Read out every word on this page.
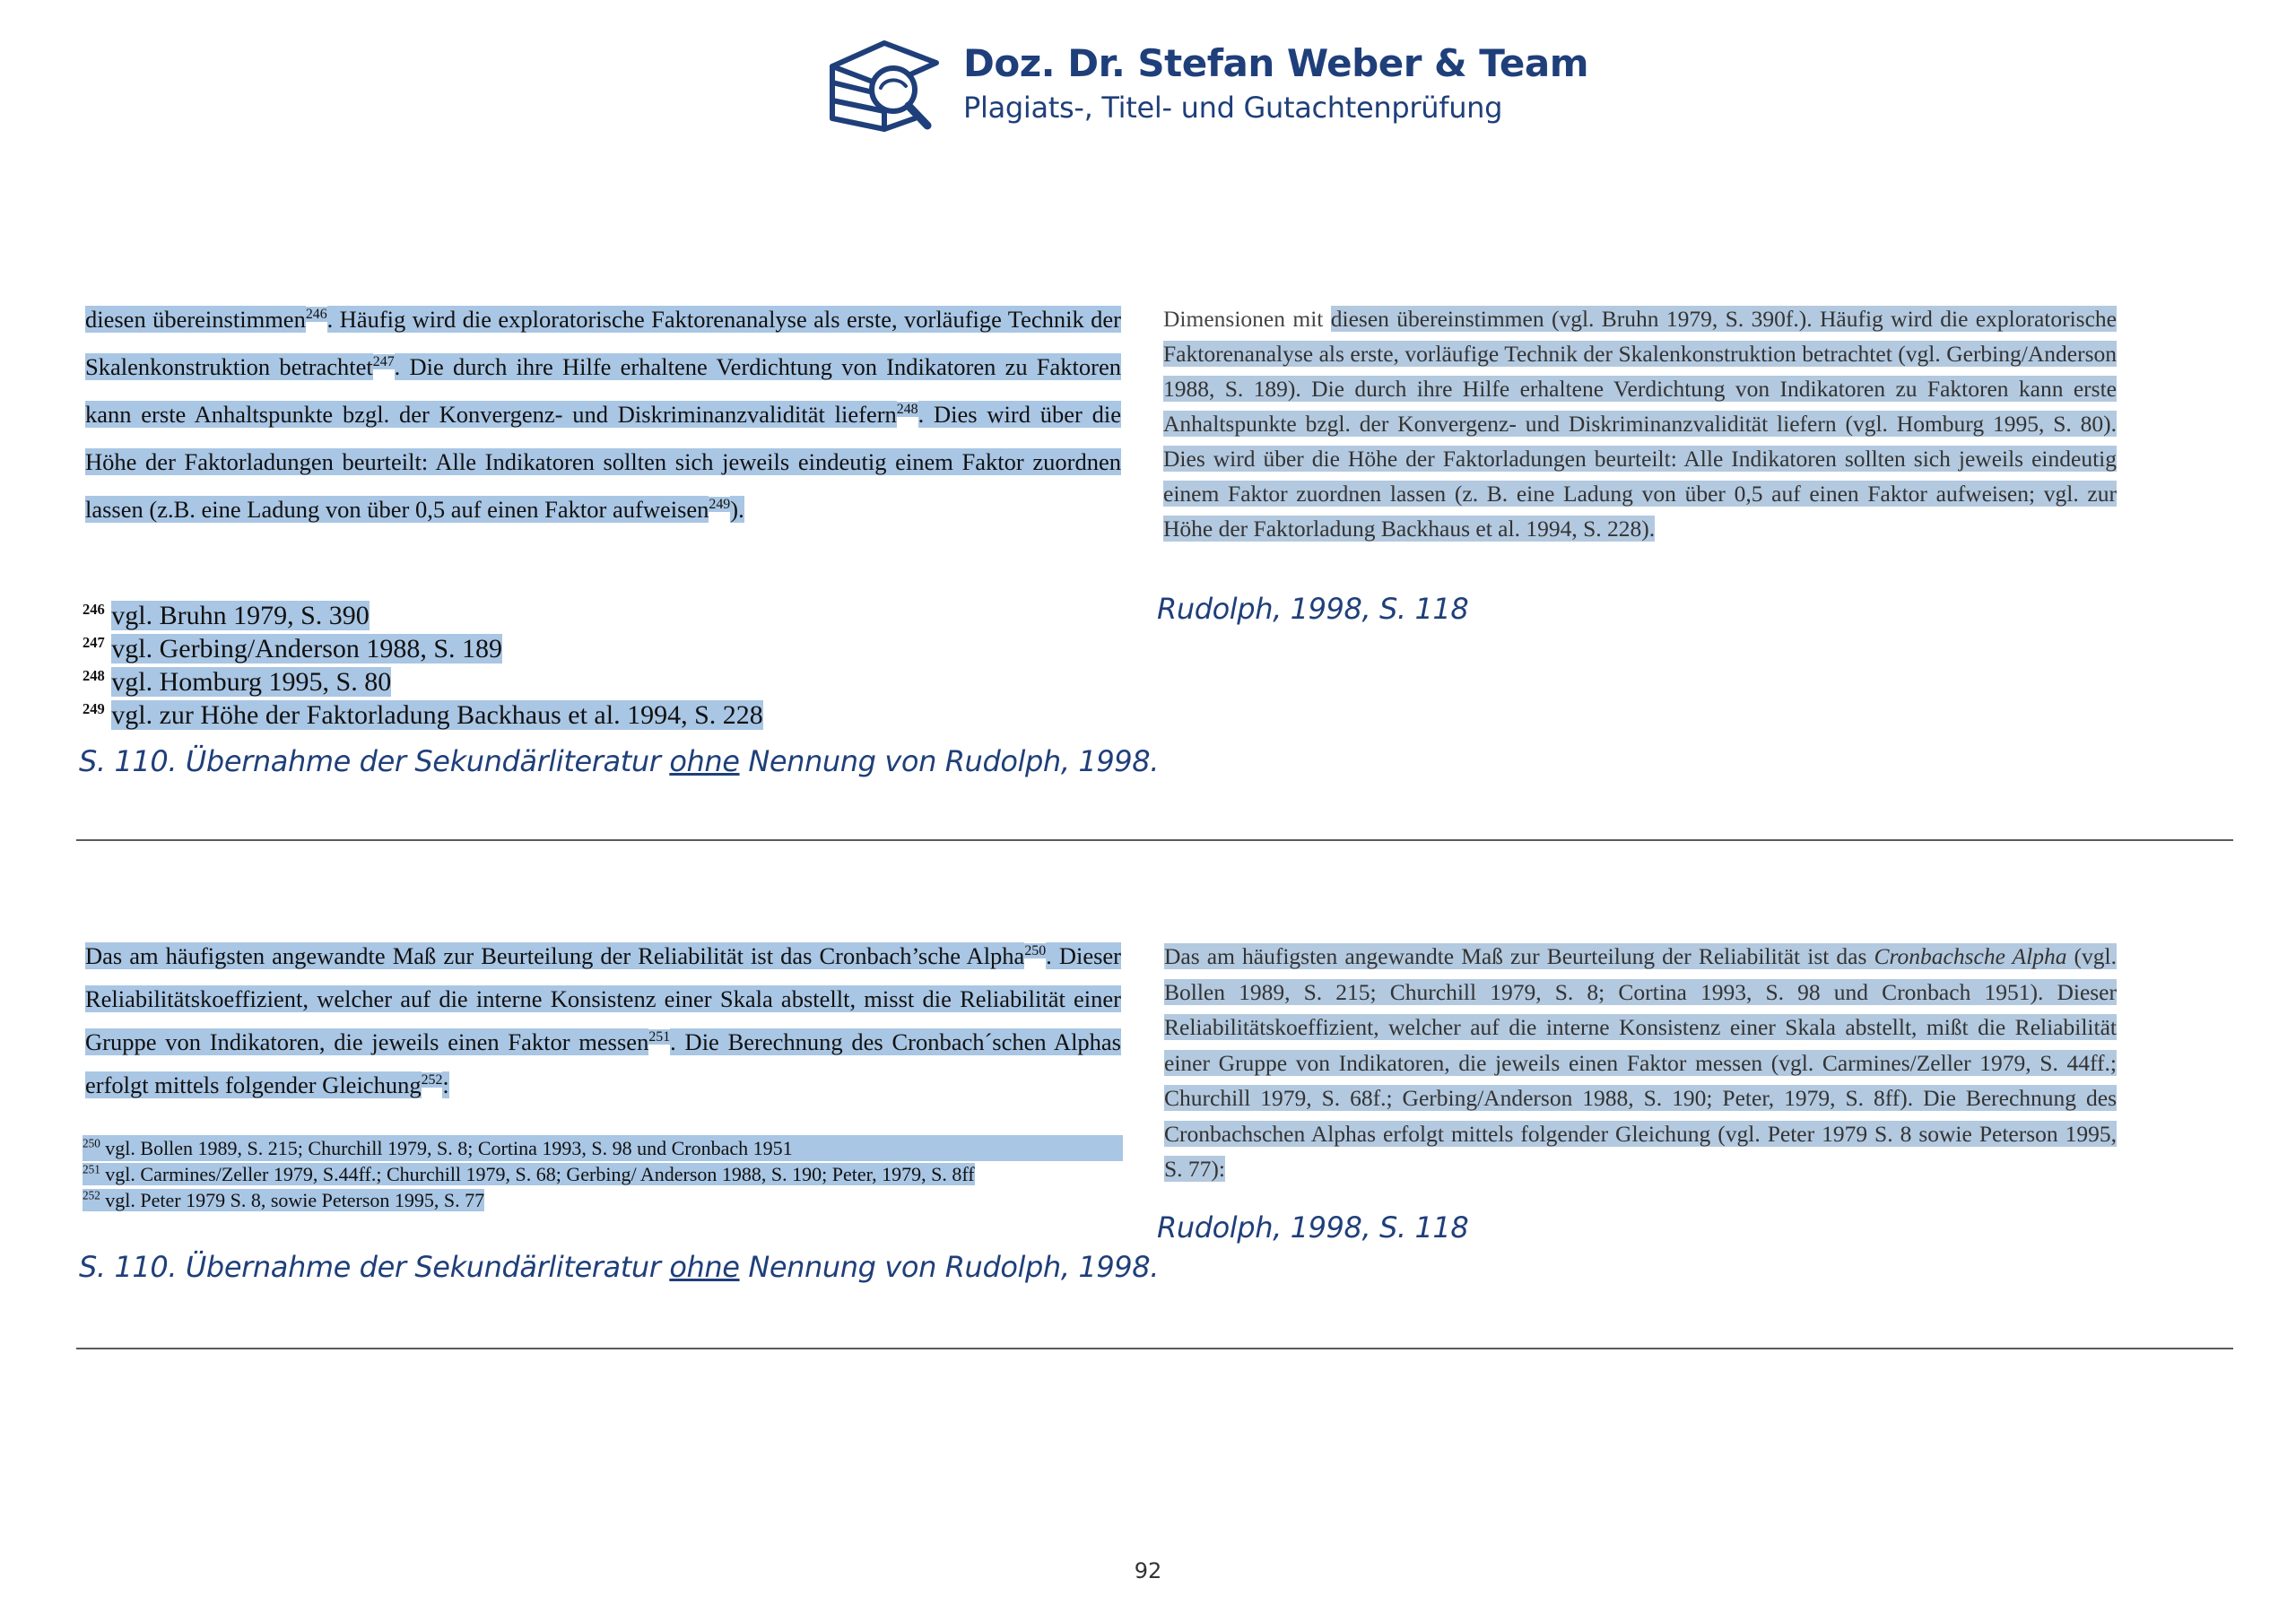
Doz. Dr. Stefan Weber & Team
Plagiats-, Titel- und Gutachtenprüfung
diesen übereinstimmen$^{246}$. Häufig wird die exploratorische Faktorenanalyse als erste, vorläufige Technik der Skalenkonstruktion betrachtet$^{247}$. Die durch ihre Hilfe erhaltene Verdichtung von Indikatoren zu Faktoren kann erste Anhaltspunkte bzgl. der Konvergenz- und Diskriminanzvalidität liefern$^{248}$. Dies wird über die Höhe der Faktorladungen beurteilt: Alle Indikatoren sollten sich jeweils eindeutig einem Faktor zuordnen lassen (z.B. eine Ladung von über 0,5 auf einen Faktor aufweisen$^{249}$).
$^{246}$ vgl. Bruhn 1979, S. 390
$^{247}$ vgl. Gerbing/Anderson 1988, S. 189
$^{248}$ vgl. Homburg 1995, S. 80
$^{249}$ vgl. zur Höhe der Faktorladung Backhaus et al. 1994, S. 228
S. 110. Übernahme der Sekundärliteratur ohne Nennung von Rudolph, 1998.
Dimensionen mit diesen übereinstimmen (vgl. Bruhn 1979, S. 390f.). Häufig wird die exploratorische Faktorenanalyse als erste, vorläufige Technik der Skalenkonstruktion betrachtet (vgl. Gerbing/Anderson 1988, S. 189). Die durch ihre Hilfe erhaltene Verdichtung von Indikatoren zu Faktoren kann erste Anhaltspunkte bzgl. der Konvergenz- und Diskriminanzvalidität liefern (vgl. Homburg 1995, S. 80). Dies wird über die Höhe der Faktorladungen beurteilt: Alle Indikatoren sollten sich jeweils eindeutig einem Faktor zuordnen lassen (z. B. eine Ladung von über 0,5 auf einen Faktor aufweisen; vgl. zur Höhe der Faktorladung Backhaus et al. 1994, S. 228).
Rudolph, 1998, S. 118
Das am häufigsten angewandte Maß zur Beurteilung der Reliabilität ist das Cronbach’sche Alpha$^{250}$. Dieser Reliabilitätskoeffizient, welcher auf die interne Konsistenz einer Skala abstellt, misst die Reliabilität einer Gruppe von Indikatoren, die jeweils einen Faktor messen$^{251}$. Die Berechnung des Cronbach´schen Alphas erfolgt mittels folgender Gleichung$^{252}$:
$^{250}$ vgl. Bollen 1989, S. 215; Churchill 1979, S. 8; Cortina 1993, S. 98 und Cronbach 1951
$^{251}$ vgl. Carmines/Zeller 1979, S.44ff.; Churchill 1979, S. 68; Gerbing/ Anderson 1988, S. 190; Peter, 1979, S. 8ff
$^{252}$ vgl. Peter 1979 S. 8, sowie Peterson 1995, S. 77
S. 110. Übernahme der Sekundärliteratur ohne Nennung von Rudolph, 1998.
Das am häufigsten angewandte Maß zur Beurteilung der Reliabilität ist das Cronbachsche Alpha (vgl. Bollen 1989, S. 215; Churchill 1979, S. 8; Cortina 1993, S. 98 und Cronbach 1951). Dieser Reliabilitätskoeffizient, welcher auf die interne Konsistenz einer Skala abstellt, mißt die Reliabilität einer Gruppe von Indikatoren, die jeweils einen Faktor messen (vgl. Carmines/Zeller 1979, S. 44ff.; Churchill 1979, S. 68f.; Gerbing/Anderson 1988, S. 190; Peter, 1979, S. 8ff). Die Berechnung des Cronbachschen Alphas erfolgt mittels folgender Gleichung (vgl. Peter 1979 S. 8 sowie Peterson 1995, S. 77):
Rudolph, 1998, S. 118
92
